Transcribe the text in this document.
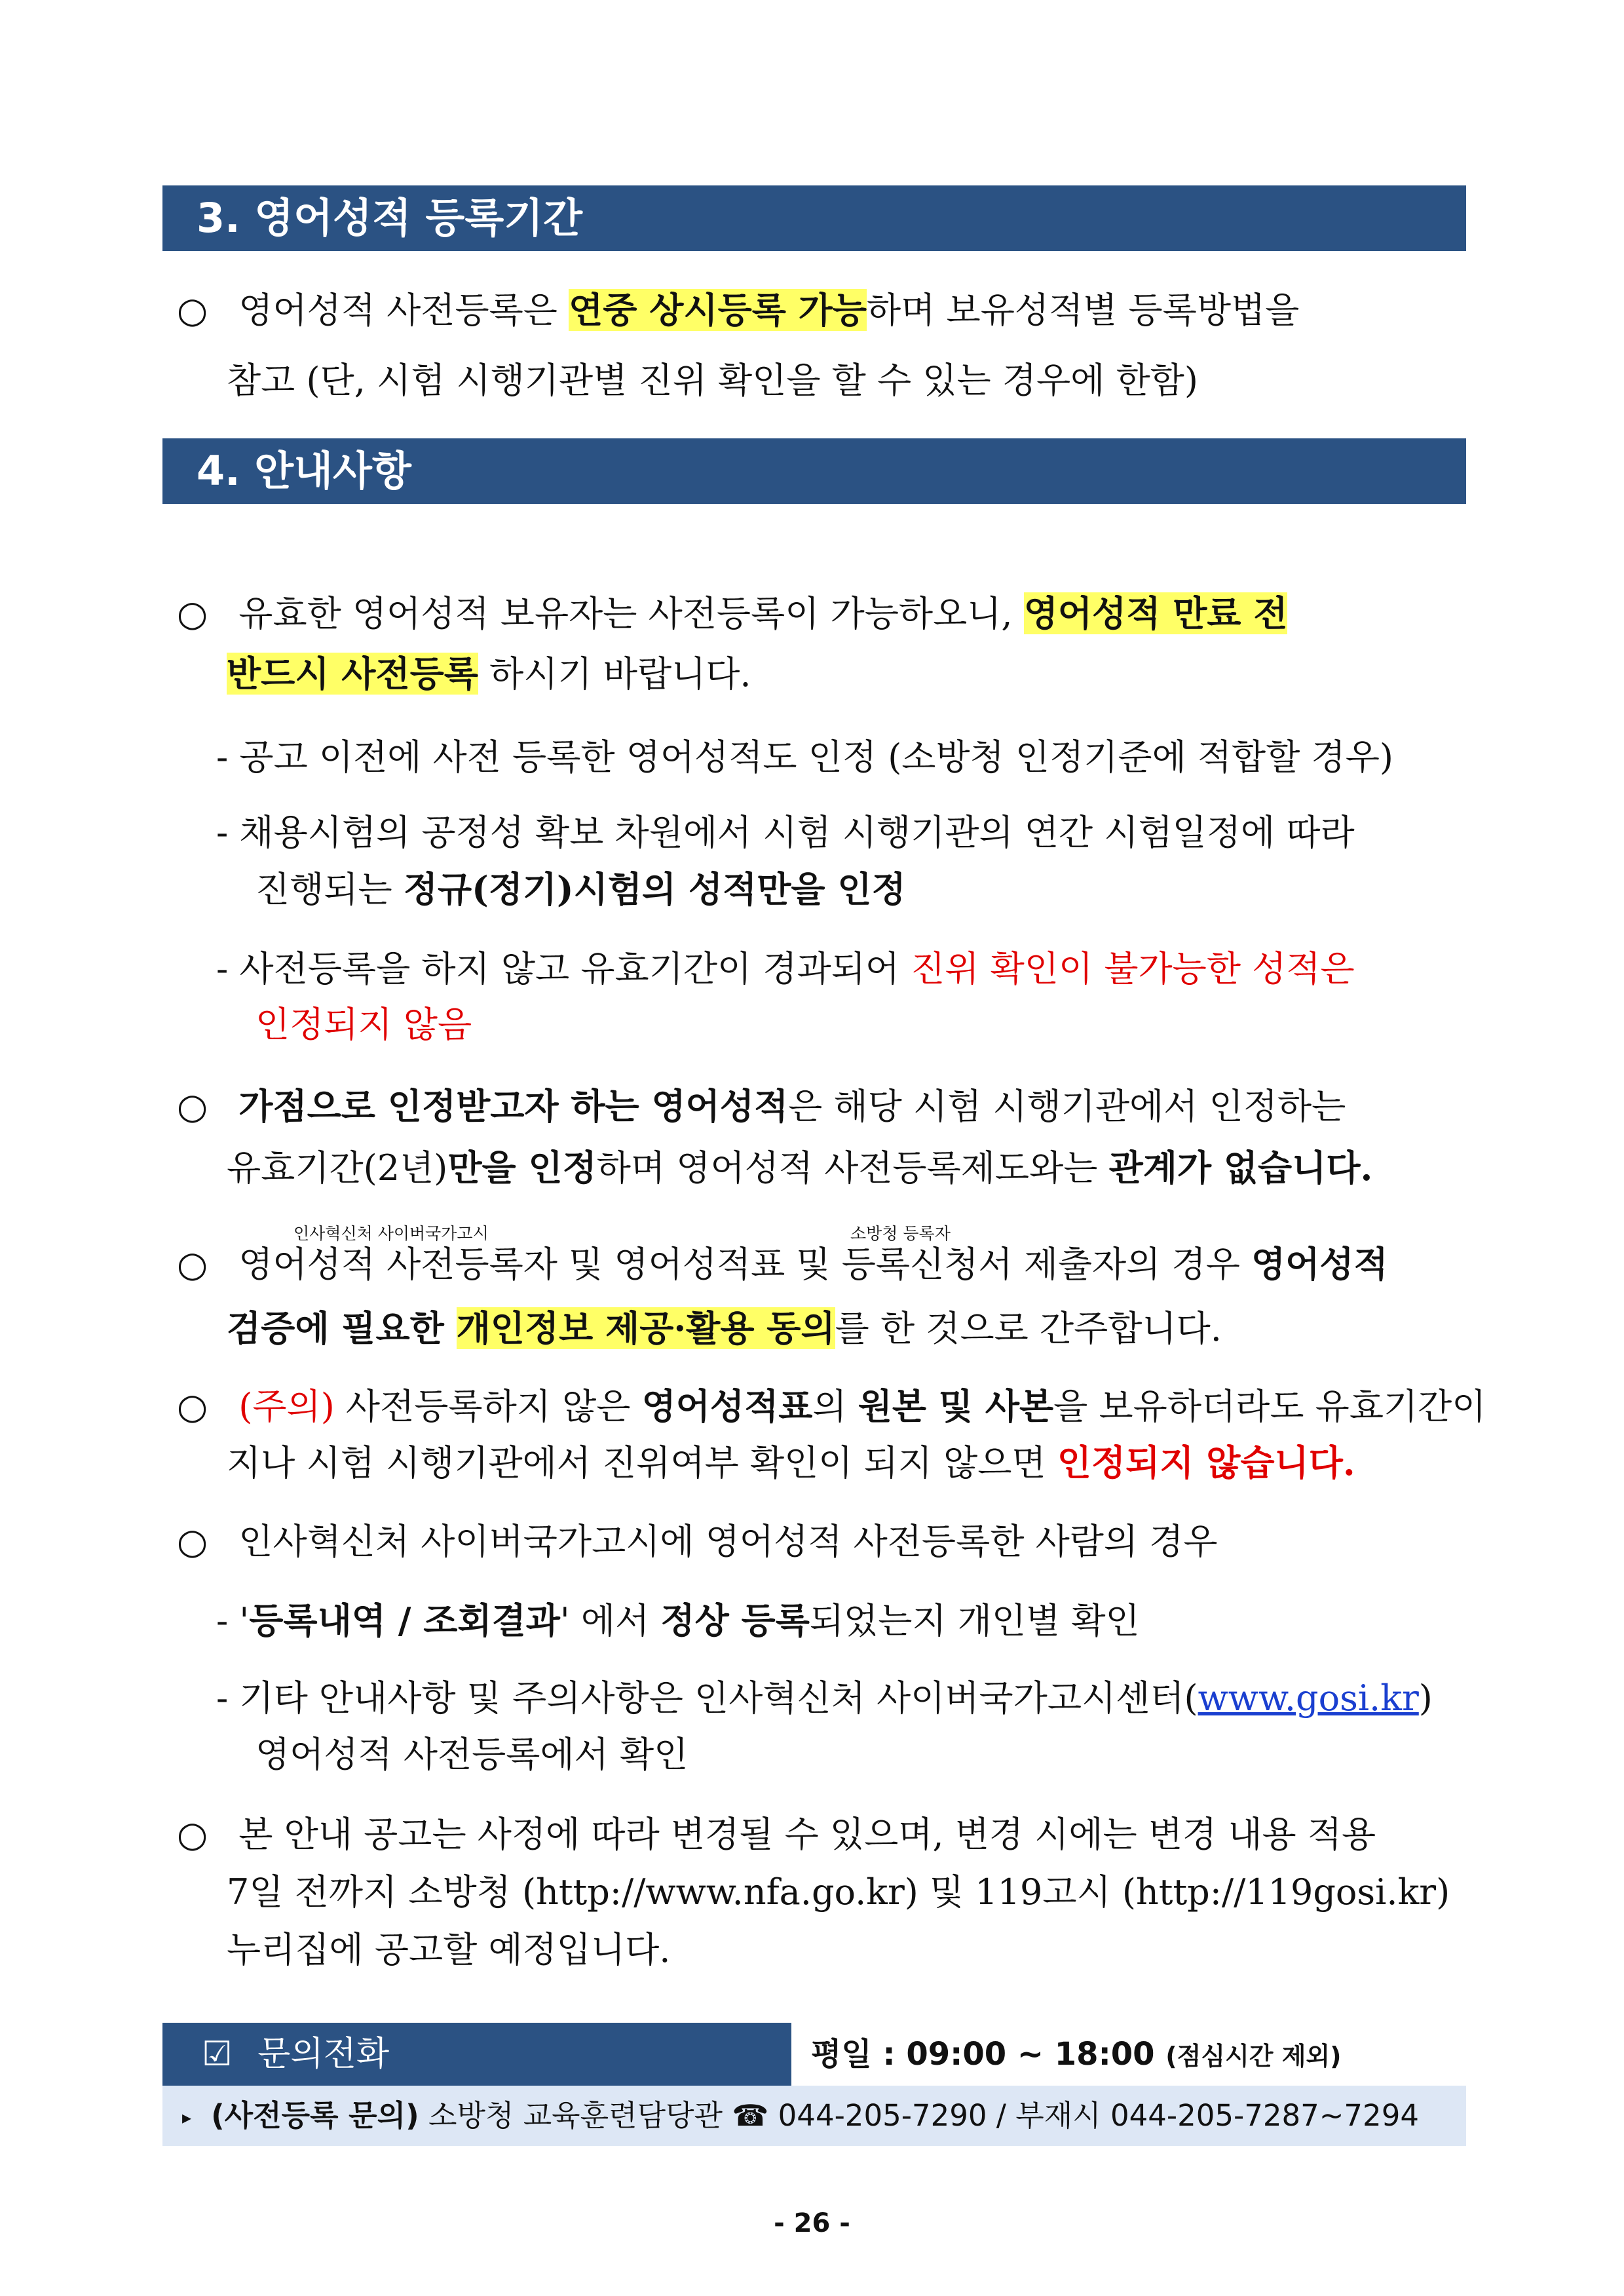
3. 영어성적 등록기간
○ 영어성적 사전등록은 연중 상시등록 가능하며 보유성적별 등록방법을
참고 (단, 시험 시행기관별 진위 확인을 할 수 있는 경우에 한함)
4. 안내사항
○ 유효한 영어성적 보유자는 사전등록이 가능하오니, 영어성적 만료 전
반드시 사전등록 하시기 바랍니다.
- 공고 이전에 사전 등록한 영어성적도 인정 (소방청 인정기준에 적합할 경우)
- 채용시험의 공정성 확보 차원에서 시험 시행기관의 연간 시험일정에 따라
진행되는 정규(정기)시험의 성적만을 인정
- 사전등록을 하지 않고 유효기간이 경과되어 진위 확인이 불가능한 성적은
인정되지 않음
○ 가점으로 인정받고자 하는 영어성적은 해당 시험 시행기관에서 인정하는
유효기간(2년)만을 인정하며 영어성적 사전등록제도와는 관계가 없습니다.
인사혁신처 사이버국가고시	소방청 등록자
○ 영어성적 사전등록자 및 영어성적표 및 등록신청서 제출자의 경우 영어성적
검증에 필요한 개인정보 제공·활용 동의를 한 것으로 간주합니다.
○ (주의) 사전등록하지 않은 영어성적표의 원본 및 사본을 보유하더라도 유효기간이
지나 시험 시행기관에서 진위여부 확인이 되지 않으면 인정되지 않습니다.
○ 인사혁신처 사이버국가고시에 영어성적 사전등록한 사람의 경우
- '등록내역 / 조회결과' 에서 정상 등록되었는지 개인별 확인
- 기타 안내사항 및 주의사항은 인사혁신처 사이버국가고시센터(www.gosi.kr)
영어성적 사전등록에서 확인
○ 본 안내 공고는 사정에 따라 변경될 수 있으며, 변경 시에는 변경 내용 적용
7일 전까지 소방청 (http://www.nfa.go.kr) 및 119고시 (http://119gosi.kr)
누리집에 공고할 예정입니다.
☑ 문의전화	평일 : 09:00 ~ 18:00 (점심시간 제외)
▸ (사전등록 문의) 소방청 교육훈련담당관 ☎ 044-205-7290 / 부재시 044-205-7287~7294
- 26 -
